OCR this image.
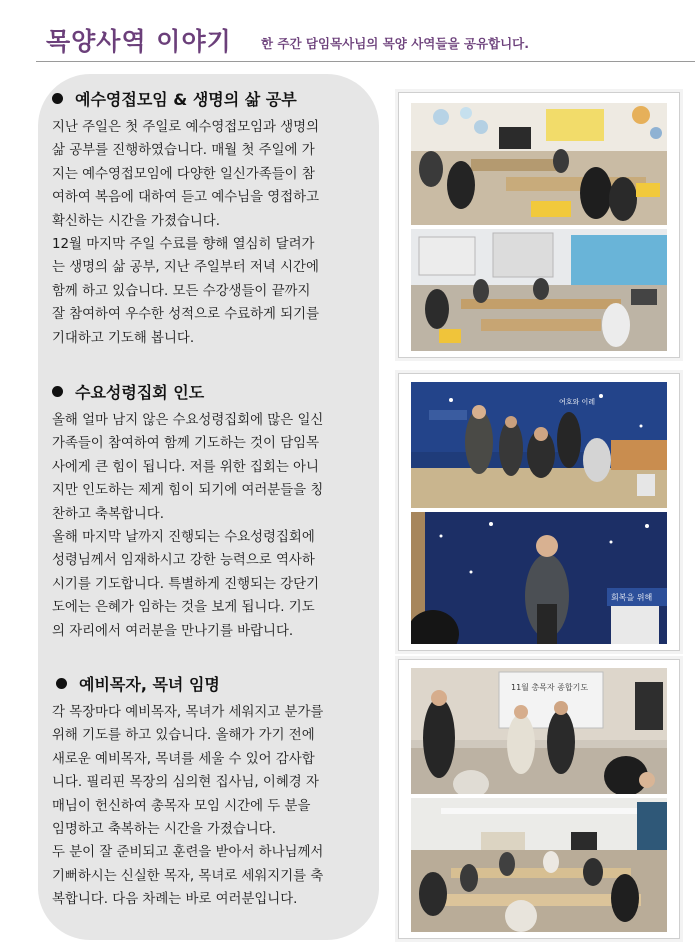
목양사역 이야기 한 주간 담임목사님의 목양 사역들을 공유합니다.
예수영접모임 & 생명의 삶 공부
지난 주일은 첫 주일로 예수영접모임과 생명의
삶 공부를 진행하였습니다. 매월 첫 주일에 가
지는 예수영접모임에 다양한 일신가족들이 참
여하여 복음에 대하여 듣고 예수님을 영접하고
확신하는 시간을 가졌습니다.
12월 마지막 주일 수료를 향해 열심히 달려가
는 생명의 삶 공부, 지난 주일부터 저녁 시간에
함께 하고 있습니다. 모든 수강생들이 끝까지
잘 참여하여 우수한 성적으로 수료하게 되기를
기대하고 기도해 봅니다.
수요성령집회 인도
올해 얼마 남지 않은 수요성령집회에 많은 일신
가족들이 참여하여 함께 기도하는 것이 담임목
사에게 큰 힘이 됩니다. 저를 위한 집회는 아니
지만 인도하는 제게 힘이 되기에 여러분들을 칭
찬하고 축복합니다.
올해 마지막 날까지 진행되는 수요성령집회에
성령님께서 임재하시고 강한 능력으로 역사하
시기를 기도합니다. 특별하게 진행되는 강단기
도에는 은혜가 임하는 것을 보게 됩니다. 기도
의 자리에서 여러분을 만나기를 바랍니다.
예비목자, 목녀 임명
각 목장마다 예비목자, 목녀가 세워지고 분가를
위해 기도를 하고 있습니다. 올해가 가기 전에
새로운 예비목자, 목녀를 세울 수 있어 감사합
니다. 필리핀 목장의 심의현 집사님, 이혜경 자
매님이 헌신하여 총목자 모임 시간에 두 분을
임명하고 축복하는 시간을 가졌습니다.
두 분이 잘 준비되고 훈련을 받아서 하나님께서
기뻐하시는 신실한 목자, 목녀로 세워지기를 축
복합니다. 다음 차례는 바로 여러분입니다.
여호와 이레
회복을 위해
11월 총목자 종합기도
